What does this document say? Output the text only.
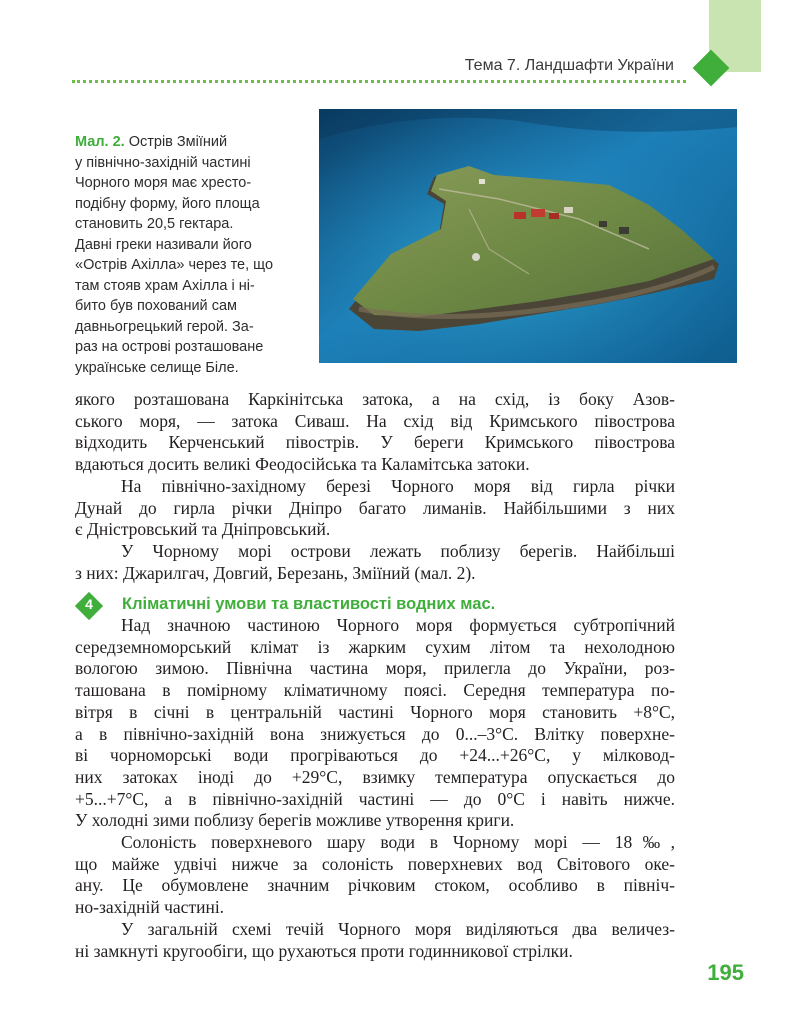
Тема 7. Ландшафти України
Мал. 2. Острів Зміїний
у північно-західній частині
Чорного моря має хресто-
подібну форму, його площа
становить 20,5 гектара.
Давні греки називали його
«Острів Ахілла» через те, що
там стояв храм Ахілла і ні-
бито був похований сам
давньогрецький герой. За-
раз на острові розташоване
українське селище Біле.
якого розташована Каркінітська затока, а на схід, із боку Азов-
ського моря, — затока Сиваш. На схід від Кримського півострова
відходить Керченський півострів. У береги Кримського півострова
вдаються досить великі Феодосійська та Каламітська затоки.
На північно-західному березі Чорного моря від гирла річки
Дунай до гирла річки Дніпро багато лиманів. Найбільшими з них
є Дністровський та Дніпровський.
У Чорному морі острови лежать поблизу берегів. Найбільші
з них: Джарилгач, Довгий, Березань, Зміїний (мал. 2).
4	Кліматичні умови та властивості водних мас.
Над значною частиною Чорного моря формується субтропічний
середземноморський клімат із жарким сухим літом та нехолодною
вологою зимою. Північна частина моря, прилегла до України, роз-
ташована в помірному кліматичному поясі. Середня температура по-
вітря в січні в центральній частині Чорного моря становить +8°С,
а в північно-західній вона знижується до 0...–3°С. Влітку поверхне-
ві чорноморські води прогріваються до +24...+26°С, у мілковод-
них затоках іноді до +29°С, взимку температура опускається до
+5...+7°С, а в північно-західній частині — до 0°С і навіть нижче.
У холодні зими поблизу берегів можливе утворення криги.
Солоність поверхневого шару води в Чорному морі — 18‰,
що майже удвічі нижче за солоність поверхневих вод Світового оке-
ану. Це обумовлене значним річковим стоком, особливо в північ-
но-західній частині.
У загальній схемі течій Чорного моря виділяються два величез-
ні замкнуті кругообіги, що рухаються проти годинникової стрілки.
195
